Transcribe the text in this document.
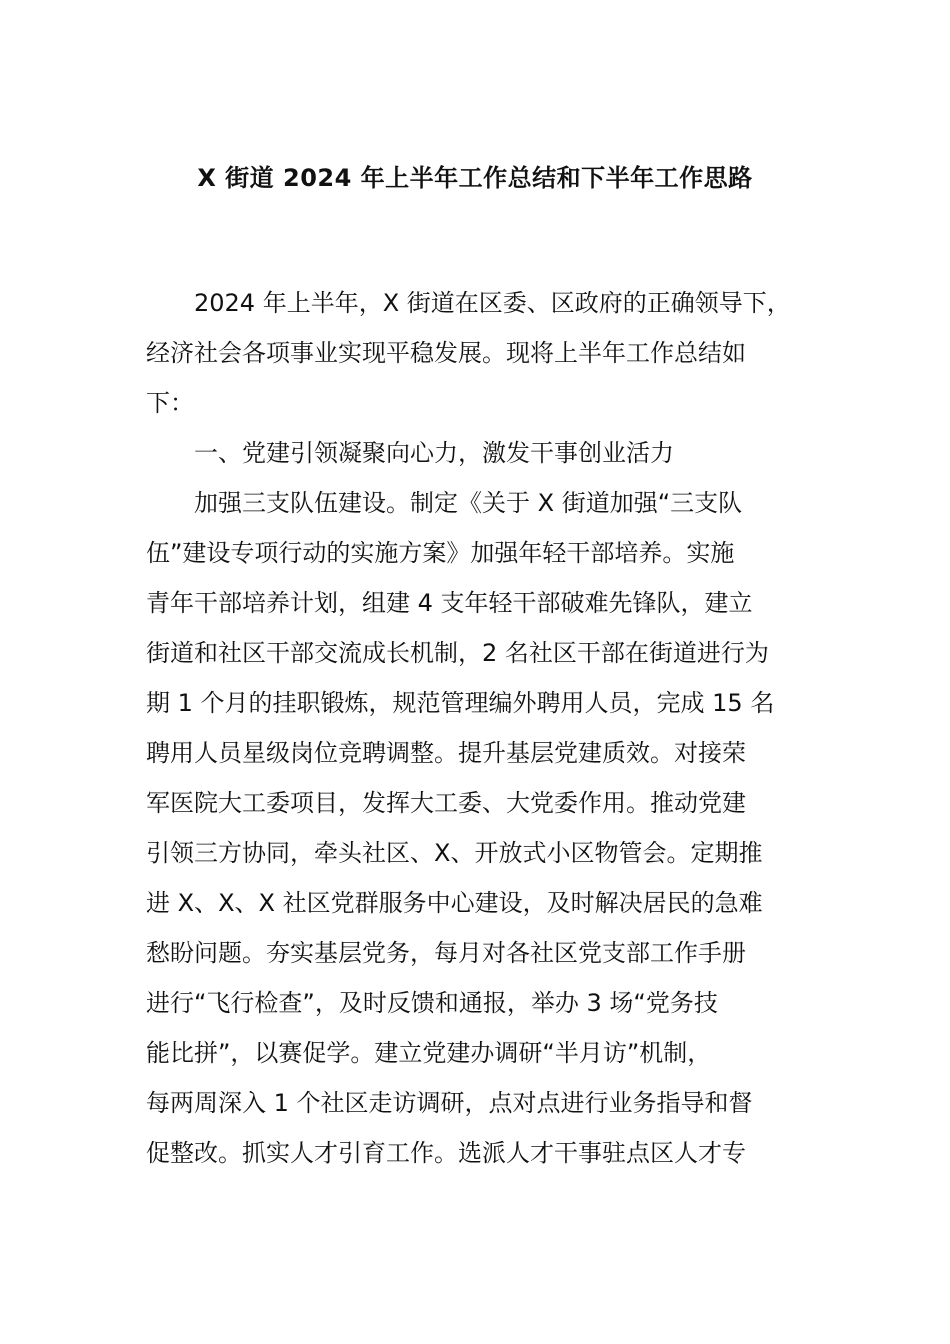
X 街道 2024 年上半年工作总结和下半年工作思路
2024 年上半年，X 街道在区委、区政府的正确领导下，
经济社会各项事业实现平稳发展。现将上半年工作总结如
下：
一、党建引领凝聚向心力，激发干事创业活力
加强三支队伍建设。制定《关于 X 街道加强“三支队
伍”建设专项行动的实施方案》加强年轻干部培养。实施
青年干部培养计划，组建 4 支年轻干部破难先锋队，建立
街道和社区干部交流成长机制，2 名社区干部在街道进行为
期 1 个月的挂职锻炼，规范管理编外聘用人员，完成 15 名
聘用人员星级岗位竞聘调整。提升基层党建质效。对接荣
军医院大工委项目，发挥大工委、大党委作用。推动党建
引领三方协同，牵头社区、X、开放式小区物管会。定期推
进 X、X、X 社区党群服务中心建设，及时解决居民的急难
愁盼问题。夯实基层党务，每月对各社区党支部工作手册
进行“飞行检查”，及时反馈和通报，举办 3 场“党务技
能比拼”，以赛促学。建立党建办调研“半月访”机制，
每两周深入 1 个社区走访调研，点对点进行业务指导和督
促整改。抓实人才引育工作。选派人才干事驻点区人才专
